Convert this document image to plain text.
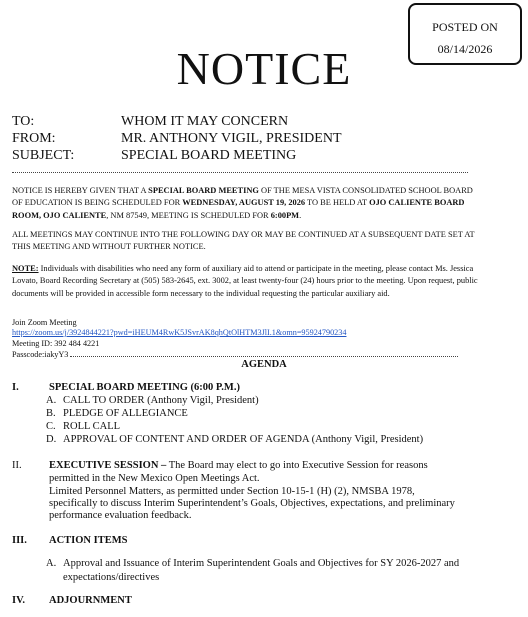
POSTED ON
08/14/2026
NOTICE
TO:	WHOM IT MAY CONCERN
FROM:	MR. ANTHONY VIGIL, PRESIDENT
SUBJECT:	SPECIAL BOARD MEETING
NOTICE IS HEREBY GIVEN THAT A SPECIAL BOARD MEETING OF THE MESA VISTA CONSOLIDATED SCHOOL BOARD OF EDUCATION IS BEING SCHEDULED FOR WEDNESDAY, AUGUST 19, 2026 TO BE HELD AT OJO CALIENTE BOARD ROOM, OJO CALIENTE, NM 87549, MEETING IS SCHEDULED FOR 6:00PM.
ALL MEETINGS MAY CONTINUE INTO THE FOLLOWING DAY OR MAY BE CONTINUED AT A SUBSEQUENT DATE SET AT THIS MEETING AND WITHOUT FURTHER NOTICE.
NOTE: Individuals with disabilities who need any form of auxiliary aid to attend or participate in the meeting, please contact Ms. Jessica Lovato, Board Recording Secretary at (505) 583-2645, ext. 3002, at least twenty-four (24) hours prior to the meeting. Upon request, public documents will be provided in accessible form necessary to the individual requesting the particular auxiliary aid.
Join Zoom Meeting
https://zoom.us/j/3924844221?pwd=iHEUM4RwK5JSvrAK8qhQtOlHTM3JlI.1&omn=95924790234
Meeting ID: 392 484 4221
Passcode:iakyY3
AGENDA
I.	SPECIAL BOARD MEETING (6:00 P.M.)
A. CALL TO ORDER (Anthony Vigil, President)
B. PLEDGE OF ALLEGIANCE
C. ROLL CALL
D. APPROVAL OF CONTENT AND ORDER OF AGENDA (Anthony Vigil, President)
II.	EXECUTIVE SESSION – The Board may elect to go into Executive Session for reasons
permitted in the New Mexico Open Meetings Act.
Limited Personnel Matters, as permitted under Section 10-15-1 (H) (2), NMSBA 1978,
specifically to discuss Interim Superintendent’s Goals, Objectives, expectations, and preliminary
performance evaluation feedback.
III. ACTION ITEMS
A. Approval and Issuance of Interim Superintendent Goals and Objectives for SY 2026-2027 and
expectations/directives
IV. ADJOURNMENT
